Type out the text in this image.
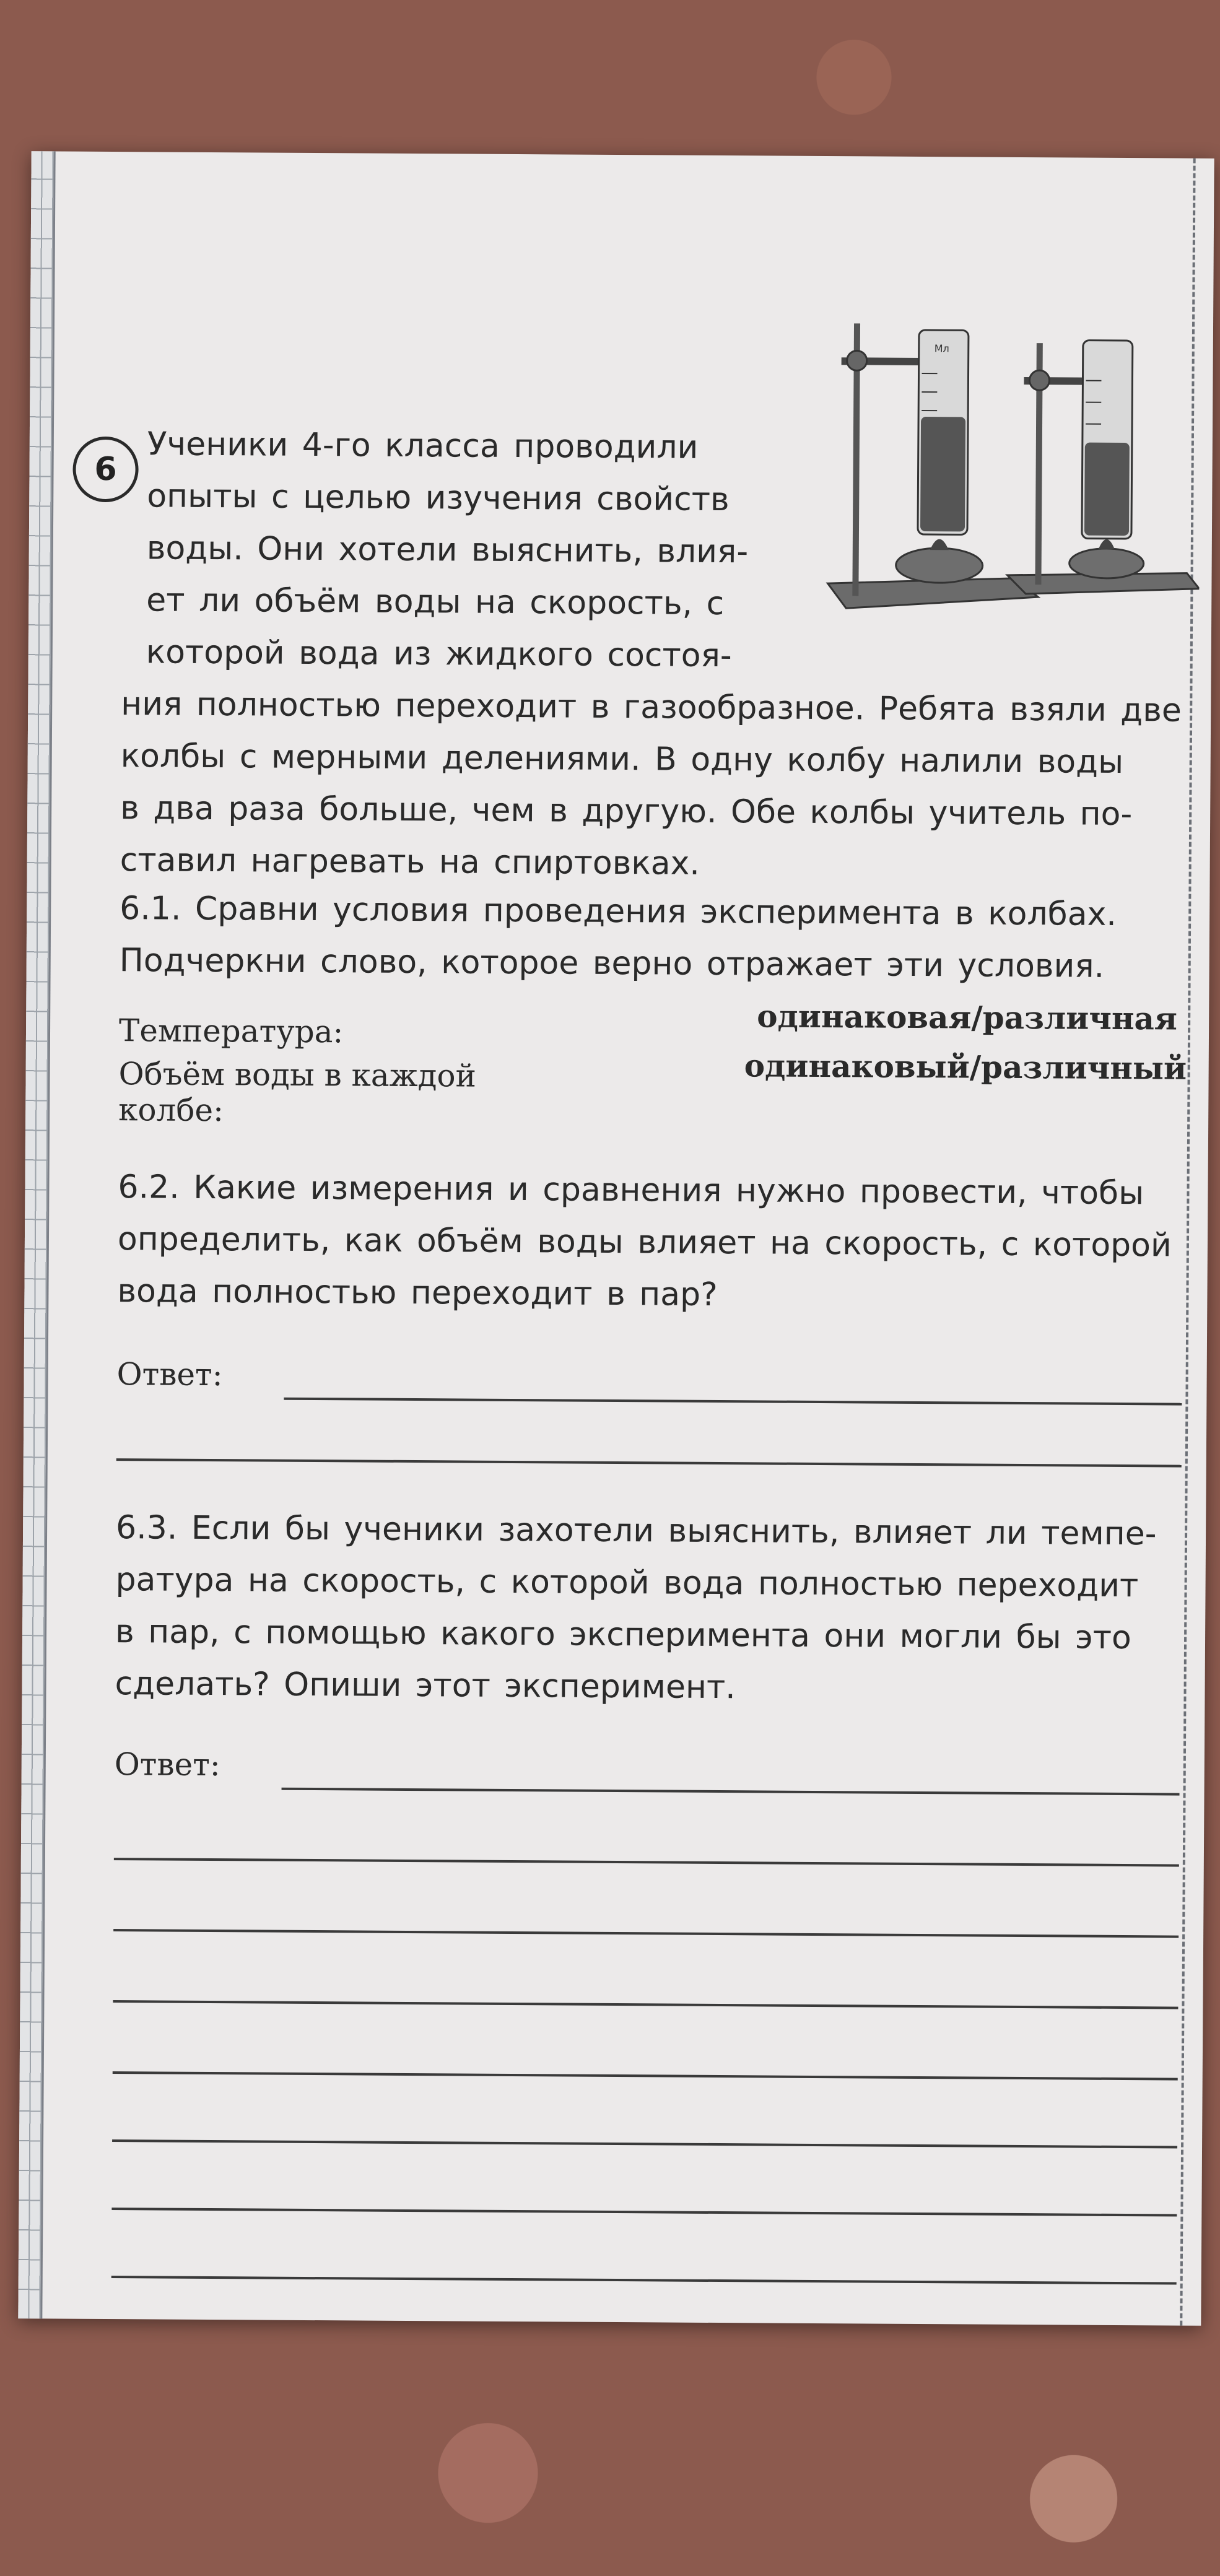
6
Ученики 4-го класса проводили
опыты с целью изучения свойств
воды. Они хотели выяснить, влия-
ет ли объём воды на скорость, с
которой вода из жидкого состоя-
ния полностью переходит в газообразное. Ребята взяли две
колбы с мерными делениями. В одну колбу налили воды
в два раза больше, чем в другую. Обе колбы учитель по-
ставил нагревать на спиртовках.
Мл
6.1. Сравни условия проведения эксперимента в колбах.
Подчеркни слово, которое верно отражает эти условия.
Температура:	одинаковая/различная
Объём воды в каждой
колбе:
одинаковый/различный
6.2. Какие измерения и сравнения нужно провести, чтобы
определить, как объём воды влияет на скорость, с которой
вода полностью переходит в пар?
Ответ:
6.3. Если бы ученики захотели выяснить, влияет ли темпе-
ратура на скорость, с которой вода полностью переходит
в пар, с помощью какого эксперимента они могли бы это
сделать? Опиши этот эксперимент.
Ответ:
